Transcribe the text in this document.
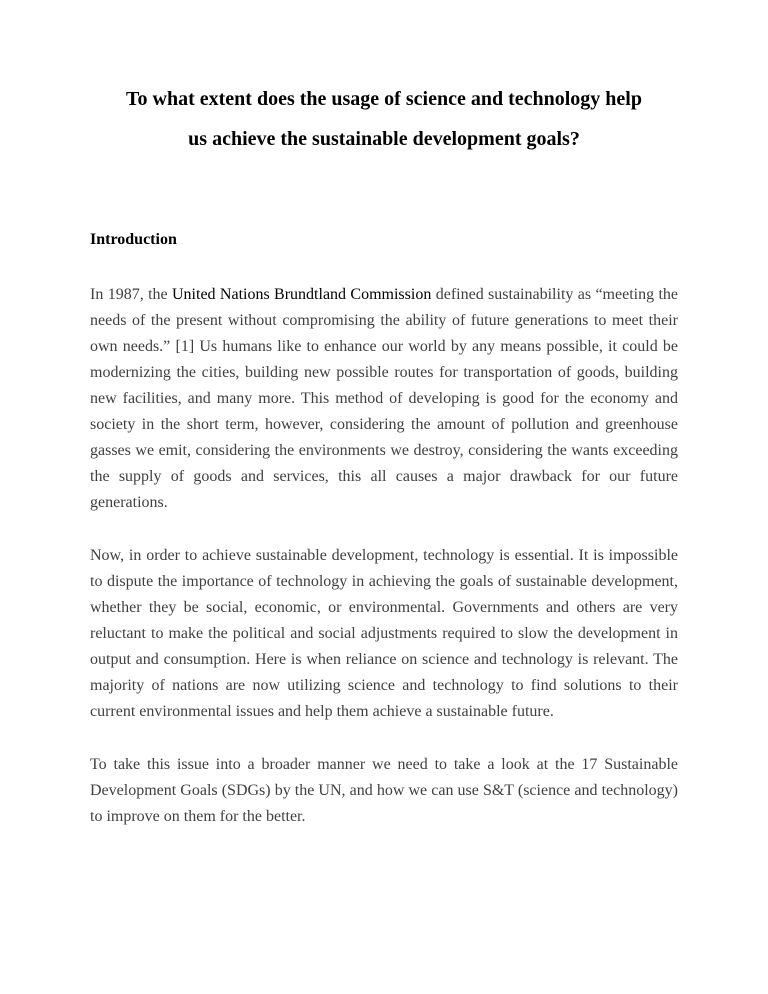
To what extent does the usage of science and technology help
us achieve the sustainable development goals?
Introduction

In 1987, the United Nations Brundtland Commission defined sustainability as “meeting the needs of the present without compromising the ability of future generations to meet their own needs.” [1] Us humans like to enhance our world by any means possible, it could be modernizing the cities, building new possible routes for transportation of goods, building new facilities, and many more. This method of developing is good for the economy and society in the short term, however, considering the amount of pollution and greenhouse gasses we emit, considering the environments we destroy, considering the wants exceeding the supply of goods and services, this all causes a major drawback for our future generations.

Now, in order to achieve sustainable development, technology is essential. It is impossible to dispute the importance of technology in achieving the goals of sustainable development, whether they be social, economic, or environmental. Governments and others are very reluctant to make the political and social adjustments required to slow the development in output and consumption. Here is when reliance on science and technology is relevant. The majority of nations are now utilizing science and technology to find solutions to their current environmental issues and help them achieve a sustainable future.

To take this issue into a broader manner we need to take a look at the 17 Sustainable Development Goals (SDGs) by the UN, and how we can use S&T (science and technology) to improve on them for the better.
